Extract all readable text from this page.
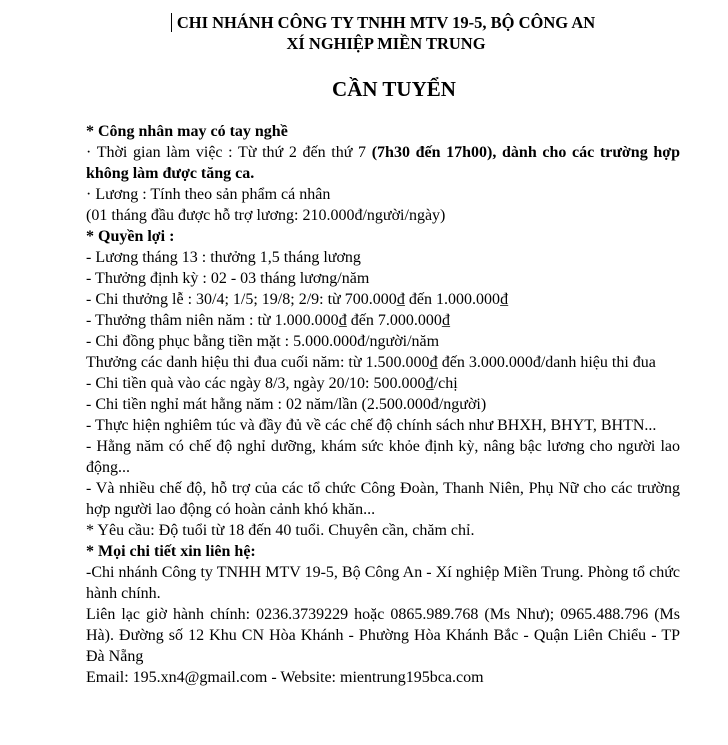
CHI NHÁNH CÔNG TY TNHH MTV 19-5, BỘ CÔNG AN
XÍ NGHIỆP MIỀN TRUNG
CẦN TUYỂN
* Công nhân may có tay nghề
· Thời gian làm việc : Từ thứ 2 đến thứ 7 (7h30 đến 17h00), dành cho các trường hợp không làm được tăng ca.
· Lương : Tính theo sản phẩm cá nhân
(01 tháng đầu được hỗ trợ lương: 210.000đ/người/ngày)
* Quyền lợi :
- Lương tháng 13 : thưởng 1,5 tháng lương
- Thưởng định kỳ : 02 - 03 tháng lương/năm
- Chi thưởng lễ : 30/4; 1/5; 19/8; 2/9: từ 700.000₫ đến 1.000.000₫
- Thưởng thâm niên năm : từ 1.000.000₫ đến 7.000.000₫
- Chi đồng phục bằng tiền mặt : 5.000.000đ/người/năm
Thưởng các danh hiệu thi đua cuối năm: từ 1.500.000₫ đến 3.000.000đ/danh hiệu thi đua
- Chi tiền quà vào các ngày 8/3, ngày 20/10: 500.000₫/chị
- Chi tiền nghỉ mát hằng năm : 02 năm/lần (2.500.000đ/người)
- Thực hiện nghiêm túc và đầy đủ về các chế độ chính sách như BHXH, BHYT, BHTN...
- Hằng năm có chế độ nghỉ dưỡng, khám sức khỏe định kỳ, nâng bậc lương cho người lao động...
- Và nhiều chế độ, hỗ trợ của các tổ chức Công Đoàn, Thanh Niên, Phụ Nữ cho các trường hợp người lao động có hoàn cảnh khó khăn...
* Yêu cầu: Độ tuổi từ 18 đến 40 tuổi. Chuyên cần, chăm chỉ.
* Mọi chi tiết xin liên hệ:
-Chi nhánh Công ty TNHH MTV 19-5, Bộ Công An - Xí nghiệp Miền Trung. Phòng tổ chức hành chính.
Liên lạc giờ hành chính: 0236.3739229 hoặc 0865.989.768 (Ms Như); 0965.488.796 (Ms Hà). Đường số 12 Khu CN Hòa Khánh - Phường Hòa Khánh Bắc - Quận Liên Chiểu - TP Đà Nẵng
Email: 195.xn4@gmail.com - Website: mientrung195bca.com
